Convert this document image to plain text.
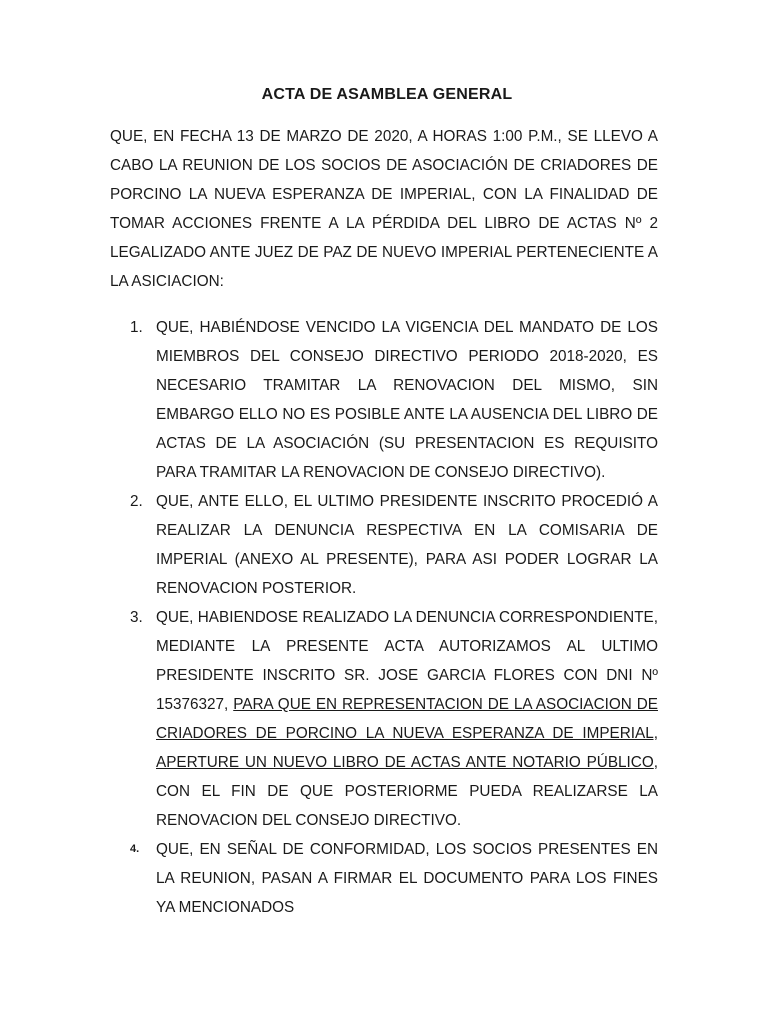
ACTA DE ASAMBLEA GENERAL

QUE, EN FECHA 13 DE MARZO DE 2020, A HORAS 1:00 P.M., SE LLEVO A CABO LA REUNION DE LOS SOCIOS DE ASOCIACIÓN DE CRIADORES DE PORCINO LA NUEVA ESPERANZA DE IMPERIAL, CON LA FINALIDAD DE TOMAR ACCIONES FRENTE A LA PÉRDIDA DEL LIBRO DE ACTAS Nº 2 LEGALIZADO ANTE JUEZ DE PAZ DE NUEVO IMPERIAL PERTENECIENTE A LA ASICIACION:

1. QUE, HABIÉNDOSE VENCIDO LA VIGENCIA DEL MANDATO DE LOS MIEMBROS DEL CONSEJO DIRECTIVO PERIODO 2018-2020, ES NECESARIO TRAMITAR LA RENOVACION DEL MISMO, SIN EMBARGO ELLO NO ES POSIBLE ANTE LA AUSENCIA DEL LIBRO DE ACTAS DE LA ASOCIACIÓN (SU PRESENTACION ES REQUISITO PARA TRAMITAR LA RENOVACION DE CONSEJO DIRECTIVO).
2. QUE, ANTE ELLO, EL ULTIMO PRESIDENTE INSCRITO PROCEDIÓ A REALIZAR LA DENUNCIA RESPECTIVA EN LA COMISARIA DE IMPERIAL (ANEXO AL PRESENTE), PARA ASI PODER LOGRAR LA RENOVACION POSTERIOR.
3. QUE, HABIENDOSE REALIZADO LA DENUNCIA CORRESPONDIENTE, MEDIANTE LA PRESENTE ACTA AUTORIZAMOS AL ULTIMO PRESIDENTE INSCRITO SR. JOSE GARCIA FLORES CON DNI Nº 15376327, PARA QUE EN REPRESENTACION DE LA ASOCIACION DE CRIADORES DE PORCINO LA NUEVA ESPERANZA DE IMPERIAL, APERTURE UN NUEVO LIBRO DE ACTAS ANTE NOTARIO PÚBLICO, CON EL FIN DE QUE POSTERIORME PUEDA REALIZARSE LA RENOVACION DEL CONSEJO DIRECTIVO.
4. QUE, EN SEÑAL DE CONFORMIDAD, LOS SOCIOS PRESENTES EN LA REUNION, PASAN A FIRMAR EL DOCUMENTO PARA LOS FINES YA MENCIONADOS
